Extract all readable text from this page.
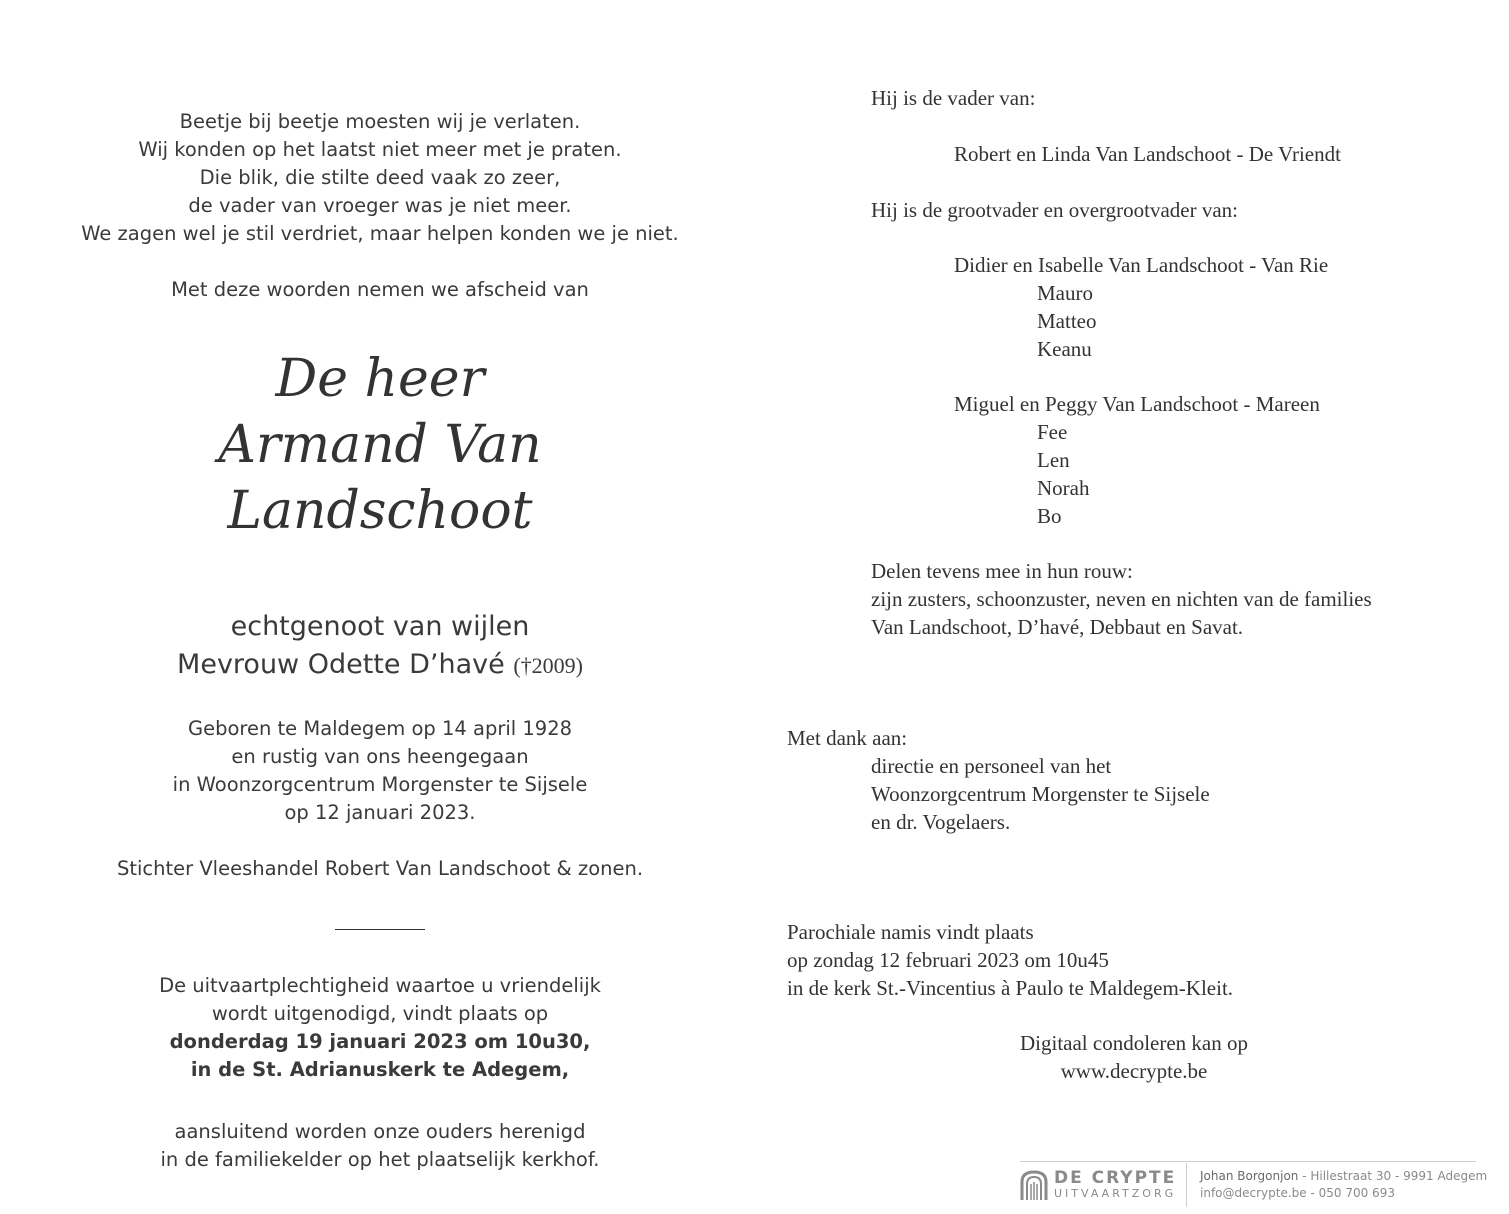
Beetje bij beetje moesten wij je verlaten.

Wij konden op het laatst niet meer met je praten.

Die blik, die stilte deed vaak zo zeer,

de vader van vroeger was je niet meer.

We zagen wel je stil verdriet, maar helpen konden we je niet.

Met deze woorden nemen we afscheid van

De heer
Armand Van Landschoot
echtgenoot van wijlen
Mevrouw Odette D’havé (†2009)

Geboren te Maldegem op 14 april 1928

en rustig van ons heengegaan

in Woonzorgcentrum Morgenster te Sijsele

op 12 januari 2023.

Stichter Vleeshandel Robert Van Landschoot & zonen.

De uitvaartplechtigheid waartoe u vriendelijk

wordt uitgenodigd, vindt plaats op

donderdag 19 januari 2023 om 10u30,

in de St. Adrianuskerk te Adegem,

aansluitend worden onze ouders herenigd

in de familiekelder op het plaatselijk kerkhof.

Hij is de vader van:
Robert en Linda Van Landschoot - De Vriendt
Hij is de grootvader en overgrootvader van:
Didier en Isabelle Van Landschoot - Van Rie
Mauro
Matteo
Keanu
Miguel en Peggy Van Landschoot - Mareen
Fee
Len
Norah
Bo
Delen tevens mee in hun rouw:
zijn zusters, schoonzuster, neven en nichten van de families
Van Landschoot, D’havé, Debbaut en Savat.
Met dank aan:
directie en personeel van het
Woonzorgcentrum Morgenster te Sijsele
en dr. Vogelaers.
Parochiale namis vindt plaats
op zondag 12 februari 2023 om 10u45
in de kerk St.-Vincentius à Paulo te Maldegem-Kleit.
Digitaal condoleren kan op
www.decrypte.be
DE CRYPTE
UITVAARTZORG
Johan Borgonjon - Hillestraat 30 - 9991 Adegem
info@decrypte.be - 050 700 693
